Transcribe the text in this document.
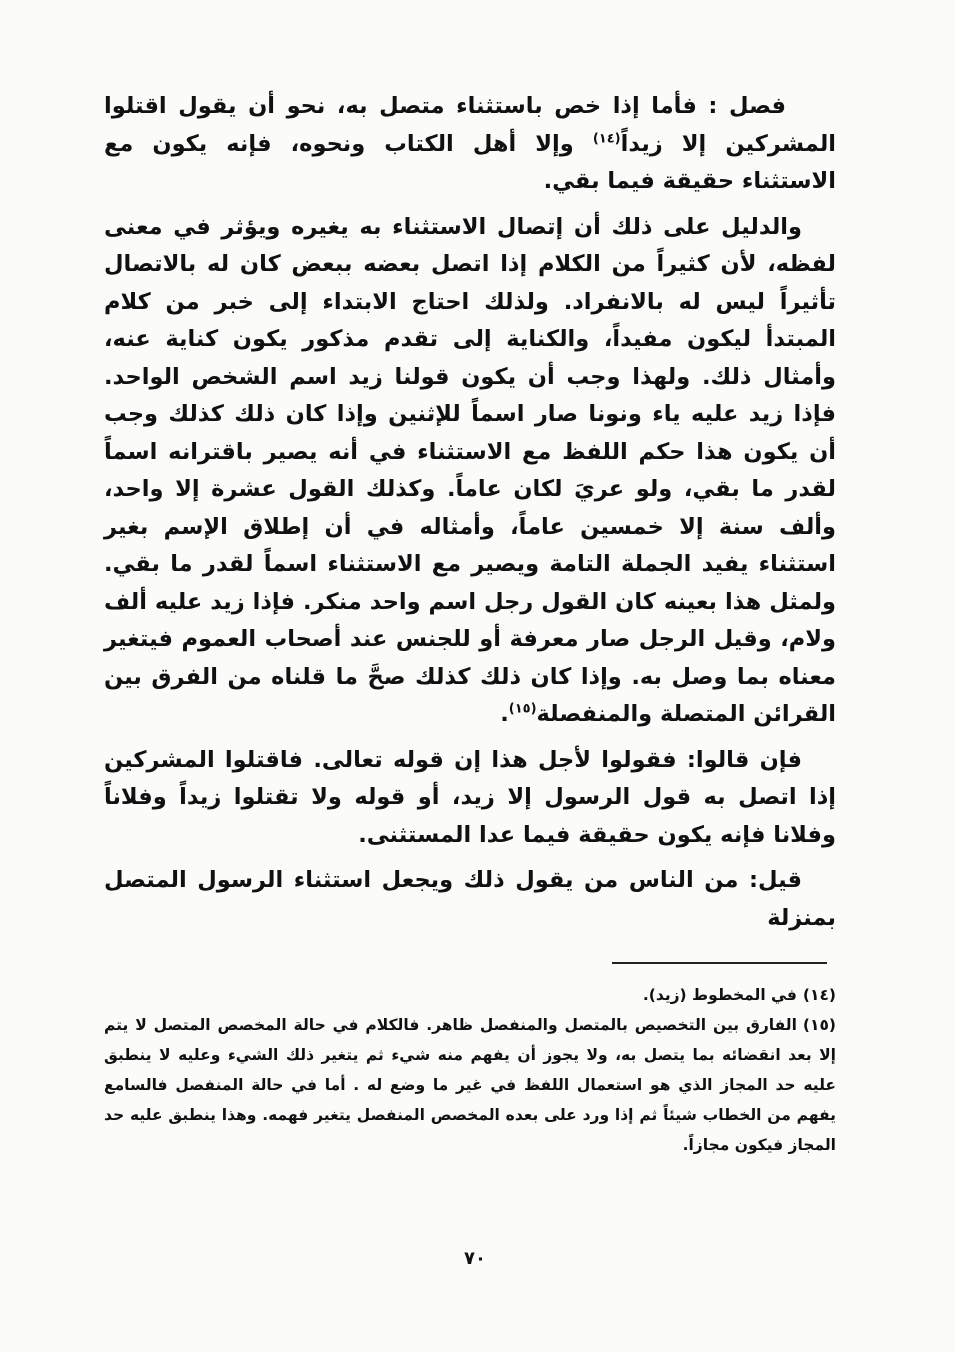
فصل : فأما إذا خص باستثناء متصل به، نحو أن يقول اقتلوا المشركين إلا زيداً$^{(١٤)}$ وإلا أهل الكتاب ونحوه، فإنه يكون مع الاستثناء حقيقة فيما بقي.

والدليل على ذلك أن إتصال الاستثناء به يغيره ويؤثر في معنى لفظه، لأن كثيراً من الكلام إذا اتصل بعضه ببعض كان له بالاتصال تأثيراً ليس له بالانفراد. ولذلك احتاج الابتداء إلى خبر من كلام المبتدأ ليكون مفيداً، والكناية إلى تقدم مذكور يكون كناية عنه، وأمثال ذلك. ولهذا وجب أن يكون قولنا زيد اسم الشخص الواحد. فإذا زيد عليه ياء ونونا صار اسماً للإثنين وإذا كان ذلك كذلك وجب أن يكون هذا حكم اللفظ مع الاستثناء في أنه يصير باقترانه اسماً لقدر ما بقي، ولو عريَ لكان عاماً. وكذلك القول عشرة إلا واحد، وألف سنة إلا خمسين عاماً، وأمثاله في أن إطلاق الإسم بغير استثناء يفيد الجملة التامة ويصير مع الاستثناء اسماً لقدر ما بقي. ولمثل هذا بعينه كان القول رجل اسم واحد منكر. فإذا زيد عليه ألف ولام، وقيل الرجل صار معرفة أو للجنس عند أصحاب العموم فيتغير معناه بما وصل به. وإذا كان ذلك كذلك صحَّ ما قلناه من الفرق بين القرائن المتصلة والمنفصلة$^{(١٥)}$.

فإن قالوا: فقولوا لأجل هذا إن قوله تعالى. فاقتلوا المشركين إذا اتصل به قول الرسول إلا زيد، أو قوله ولا تقتلوا زيداً وفلاناً وفلانا فإنه يكون حقيقة فيما عدا المستثنى.

قيل: من الناس من يقول ذلك ويجعل استثناء الرسول المتصل بمنزلة

(١٤)في المخطوط (زيد).

(١٥)الفارق بين التخصيص بالمتصل والمنفصل ظاهر. فالكلام في حالة المخصص المتصل لا يتم إلا بعد انقضائه بما يتصل به، ولا يجوز أن يفهم منه شيء ثم يتغير ذلك الشيء وعليه لا ينطبق عليه حد المجاز الذي هو استعمال اللفظ في غير ما وضع له . أما في حالة المنفصل فالسامع يفهم من الخطاب شيئاً ثم إذا ورد على بعده المخصص المنفصل يتغير فهمه. وهذا ينطبق عليه حد المجاز فيكون مجازاً.

٧٠
